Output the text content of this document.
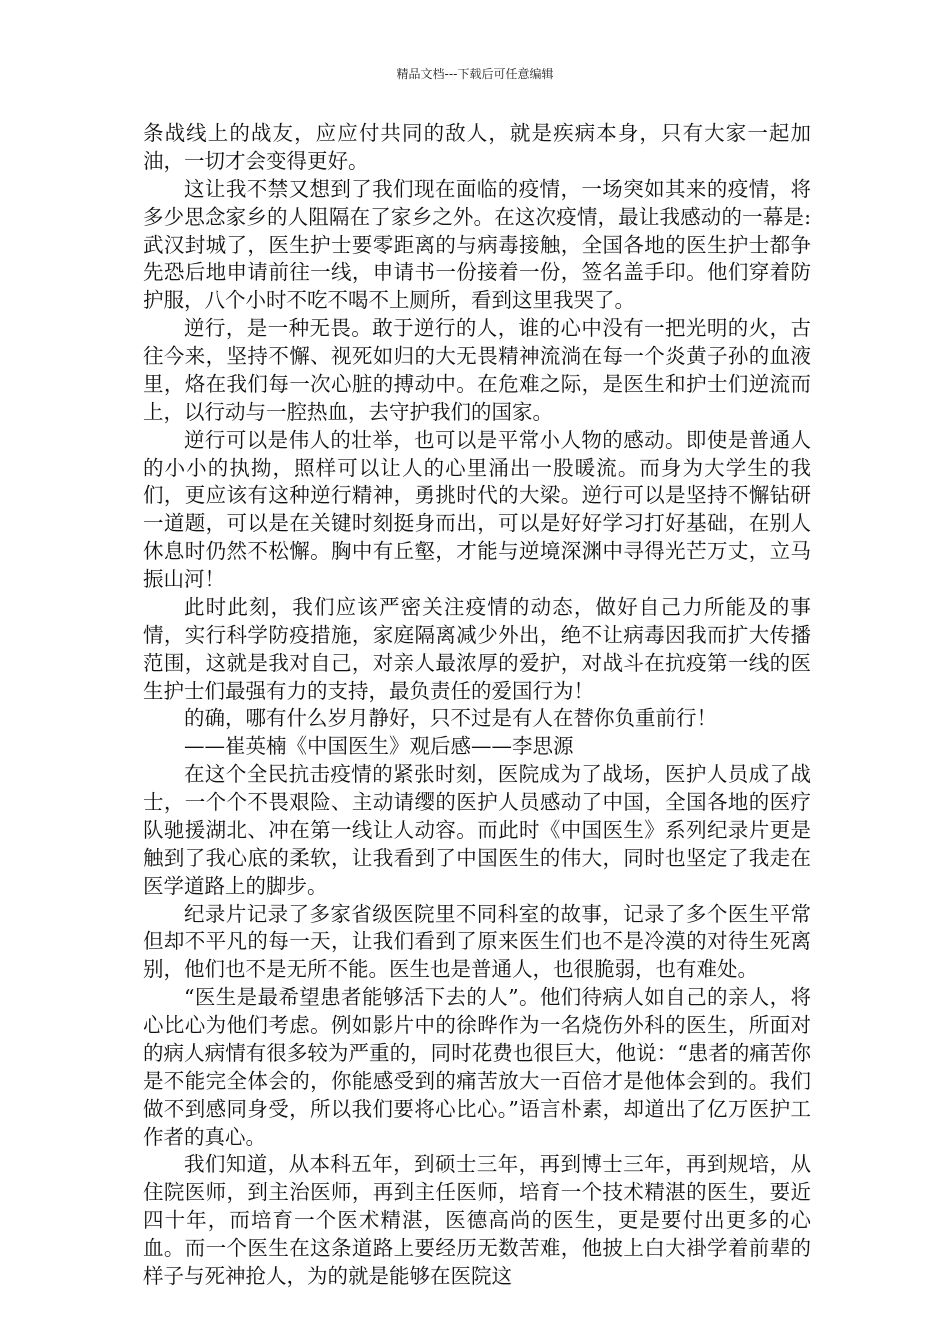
精品文档---下载后可任意编辑

条战线上的战友，应应付共同的敌人，就是疾病本身，只有大家一起加油，一切才会变得更好。

这让我不禁又想到了我们现在面临的疫情，一场突如其来的疫情，将多少思念家乡的人阻隔在了家乡之外。在这次疫情，最让我感动的一幕是:武汉封城了，医生护士要零距离的与病毒接触，全国各地的医生护士都争先恐后地申请前往一线，申请书一份接着一份，签名盖手印。他们穿着防护服，八个小时不吃不喝不上厕所，看到这里我哭了。

逆行，是一种无畏。敢于逆行的人，谁的心中没有一把光明的火，古往今来，坚持不懈、视死如归的大无畏精神流淌在每一个炎黄子孙的血液里，烙在我们每一次心脏的搏动中。在危难之际，是医生和护士们逆流而上，以行动与一腔热血，去守护我们的国家。

逆行可以是伟人的壮举，也可以是平常小人物的感动。即使是普通人的小小的执拗，照样可以让人的心里涌出一股暖流。而身为大学生的我们，更应该有这种逆行精神，勇挑时代的大梁。逆行可以是坚持不懈钻研一道题，可以是在关键时刻挺身而出，可以是好好学习打好基础，在别人休息时仍然不松懈。胸中有丘壑，才能与逆境深渊中寻得光芒万丈，立马振山河！

此时此刻，我们应该严密关注疫情的动态，做好自己力所能及的事情，实行科学防疫措施，家庭隔离减少外出，绝不让病毒因我而扩大传播范围，这就是我对自己，对亲人最浓厚的爱护，对战斗在抗疫第一线的医生护士们最强有力的支持，最负责任的爱国行为！

的确，哪有什么岁月静好，只不过是有人在替你负重前行！

——崔英楠《中国医生》观后感——李思源

在这个全民抗击疫情的紧张时刻，医院成为了战场，医护人员成了战士，一个个不畏艰险、主动请缨的医护人员感动了中国，全国各地的医疗队驰援湖北、冲在第一线让人动容。而此时《中国医生》系列纪录片更是触到了我心底的柔软，让我看到了中国医生的伟大，同时也坚定了我走在医学道路上的脚步。

纪录片记录了多家省级医院里不同科室的故事，记录了多个医生平常但却不平凡的每一天，让我们看到了原来医生们也不是冷漠的对待生死离别，他们也不是无所不能。医生也是普通人，也很脆弱，也有难处。

“医生是最希望患者能够活下去的人”。他们待病人如自己的亲人，将心比心为他们考虑。例如影片中的徐晔作为一名烧伤外科的医生，所面对的病人病情有很多较为严重的，同时花费也很巨大，他说：“患者的痛苦你是不能完全体会的，你能感受到的痛苦放大一百倍才是他体会到的。我们做不到感同身受，所以我们要将心比心。”语言朴素，却道出了亿万医护工作者的真心。

我们知道，从本科五年，到硕士三年，再到博士三年，再到规培，从住院医师，到主治医师，再到主任医师，培育一个技术精湛的医生，要近四十年，而培育一个医术精湛，医德高尚的医生，更是要付出更多的心血。而一个医生在这条道路上要经历无数苦难，他披上白大褂学着前辈的样子与死神抢人，为的就是能够在医院这
